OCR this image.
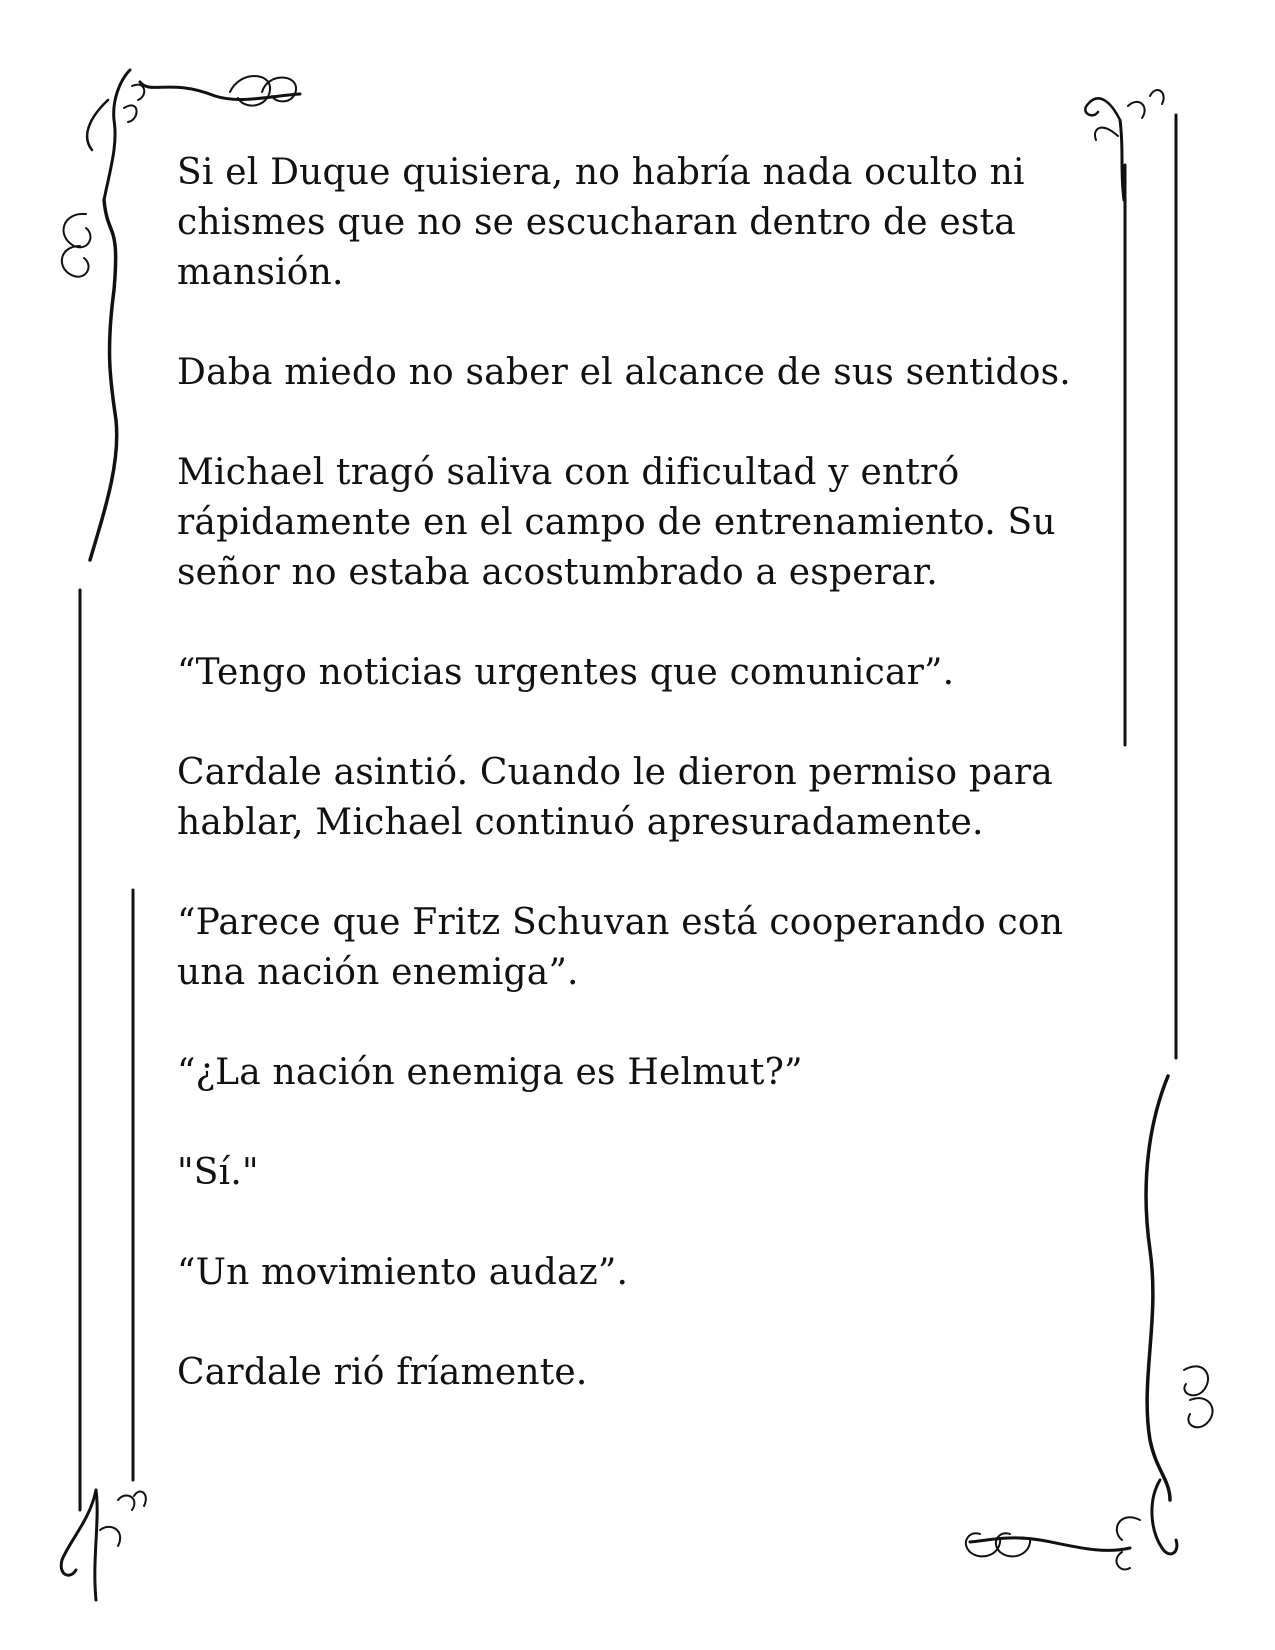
Si el Duque quisiera, no habría nada oculto ni chismes que no se escucharan dentro de esta mansión.

Daba miedo no saber el alcance de sus sentidos.

Michael tragó saliva con dificultad y entró rápidamente en el campo de entrenamiento. Su señor no estaba acostumbrado a esperar.

“Tengo noticias urgentes que comunicar”.

Cardale asintió. Cuando le dieron permiso para hablar, Michael continuó apresuradamente.

“Parece que Fritz Schuvan está cooperando con una nación enemiga”.

“¿La nación enemiga es Helmut?”

"Sí."

“Un movimiento audaz”.

Cardale rió fríamente.
